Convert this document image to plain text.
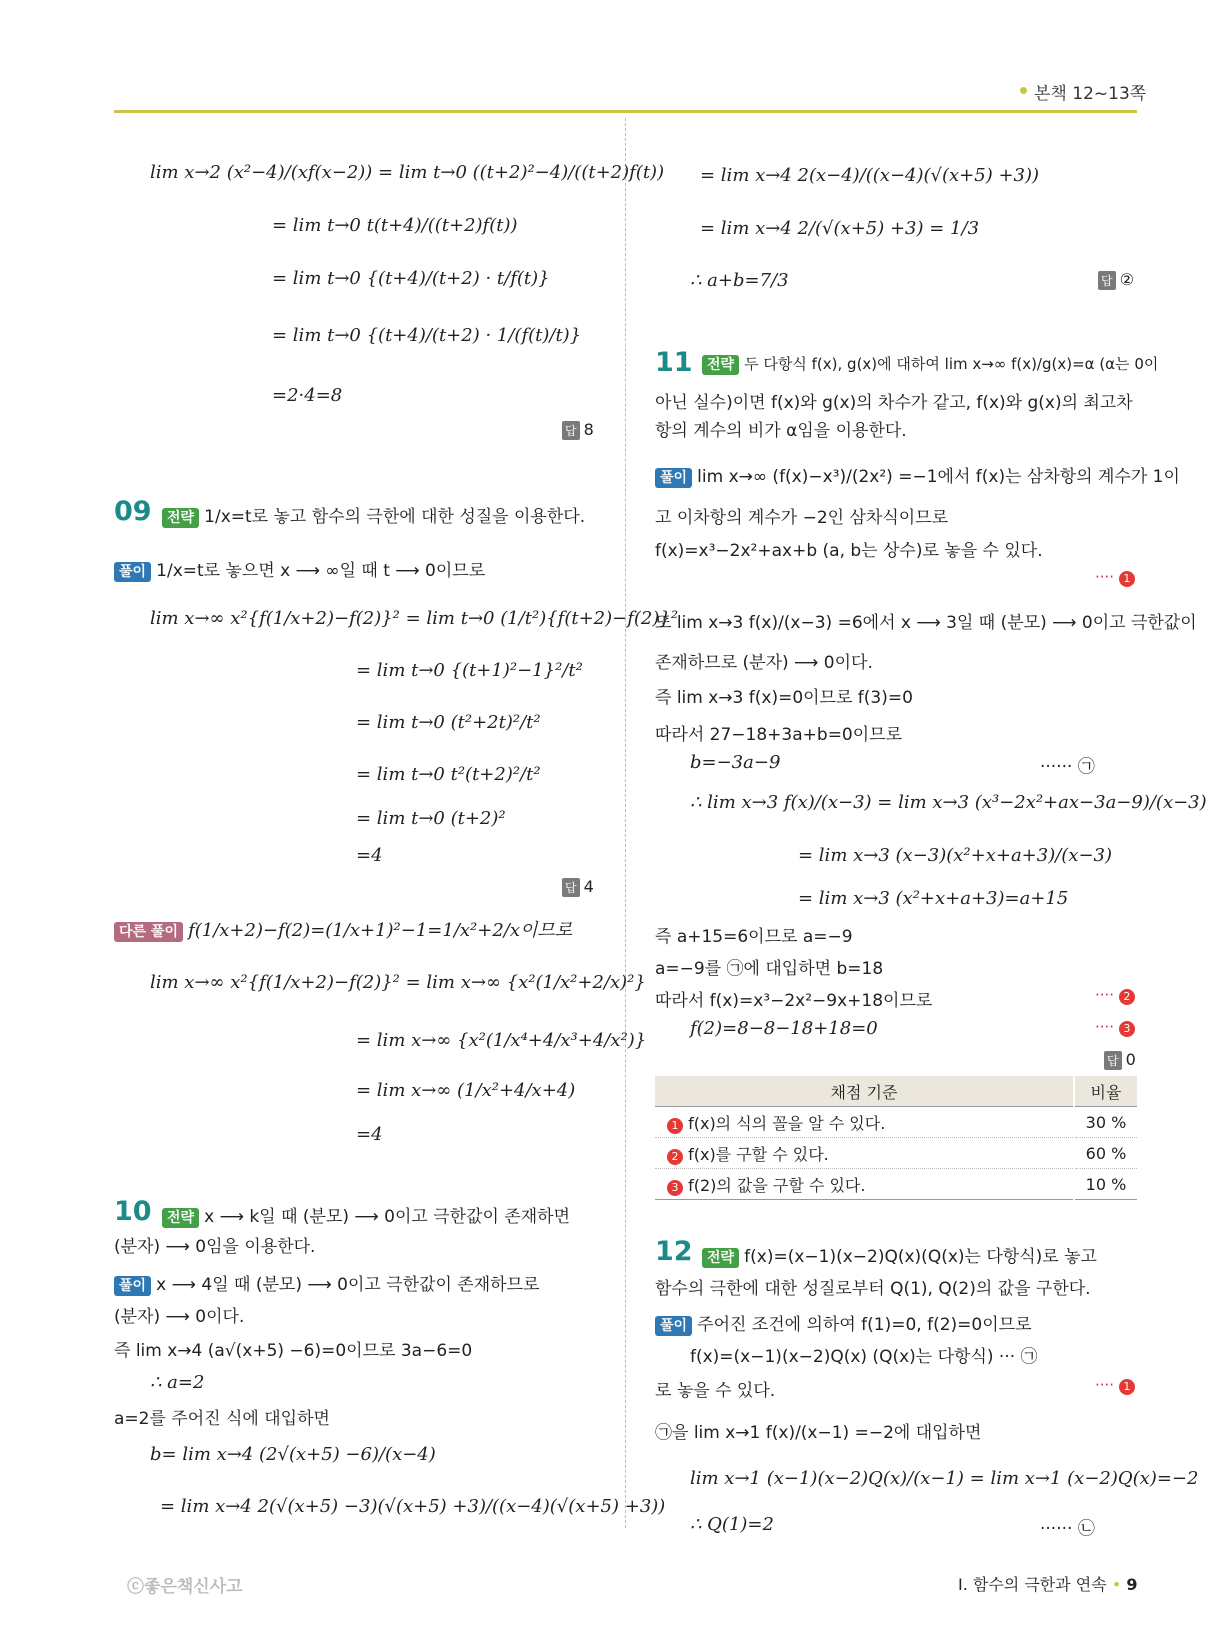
본책 12~13쪽
lim x→2 (x²−4)/(xf(x−2)) = lim t→0 ((t+2)²−4)/((t+2)f(t))
= lim t→0 t(t+4)/((t+2)f(t))
= lim t→0 {(t+4)/(t+2) · t/f(t)}
= lim t→0 {(t+4)/(t+2) · 1/(f(t)/t)}
=2·4=8
답 8
09	전략 1/x=t로 놓고 함수의 극한에 대한 성질을 이용한다.
풀이 1/x=t로 놓으면 x ⟶ ∞일 때 t ⟶ 0이므로
lim x→∞ x²{f(1/x+2)−f(2)}² = lim t→0 (1/t²){f(t+2)−f(2)}²
= lim t→0 {(t+1)²−1}²/t²
= lim t→0 (t²+2t)²/t²
= lim t→0 t²(t+2)²/t²
= lim t→0 (t+2)²
=4
답 4
다른 풀이 f(1/x+2)−f(2)=(1/x+1)²−1=1/x²+2/x이므로
lim x→∞ x²{f(1/x+2)−f(2)}² = lim x→∞ {x²(1/x²+2/x)²}
= lim x→∞ {x²(1/x⁴+4/x³+4/x²)}
= lim x→∞ (1/x²+4/x+4)
=4
10	전략 x ⟶ k일 때 (분모) ⟶ 0이고 극한값이 존재하면
(분자) ⟶ 0임을 이용한다.
풀이 x ⟶ 4일 때 (분모) ⟶ 0이고 극한값이 존재하므로
(분자) ⟶ 0이다.
즉 lim x→4 (a√(x+5) −6)=0이므로 3a−6=0
∴ a=2
a=2를 주어진 식에 대입하면
b= lim x→4 (2√(x+5) −6)/(x−4)
= lim x→4 2(√(x+5) −3)(√(x+5) +3)/((x−4)(√(x+5) +3))
= lim x→4 2(x−4)/((x−4)(√(x+5) +3))
= lim x→4 2/(√(x+5) +3) = 1/3
∴ a+b=7/3	답 ②
11	전략 두 다항식 f(x), g(x)에 대하여 lim x→∞ f(x)/g(x)=α (α는 0이
아닌 실수)이면 f(x)와 g(x)의 차수가 같고, f(x)와 g(x)의 최고차
항의 계수의 비가 α임을 이용한다.
풀이 lim x→∞ (f(x)−x³)/(2x²) =−1에서 f(x)는 삼차항의 계수가 1이
고 이차항의 계수가 −2인 삼차식이므로
f(x)=x³−2x²+ax+b (a, b는 상수)로 놓을 수 있다.
···· 1
또 lim x→3 f(x)/(x−3) =6에서 x ⟶ 3일 때 (분모) ⟶ 0이고 극한값이
존재하므로 (분자) ⟶ 0이다.
즉 lim x→3 f(x)=0이므로 f(3)=0
따라서 27−18+3a+b=0이므로
b=−3a−9	······ ㉠
∴ lim x→3 f(x)/(x−3) = lim x→3 (x³−2x²+ax−3a−9)/(x−3)
= lim x→3 (x−3)(x²+x+a+3)/(x−3)
= lim x→3 (x²+x+a+3)=a+15
즉 a+15=6이므로 a=−9
a=−9를 ㉠에 대입하면 b=18
따라서 f(x)=x³−2x²−9x+18이므로	···· 2
f(2)=8−8−18+18=0	···· 3
답 0
채점 기준	비율
1 f(x)의 식의 꼴을 알 수 있다.	30 %
2 f(x)를 구할 수 있다.	60 %
3 f(2)의 값을 구할 수 있다.	10 %
12	전략 f(x)=(x−1)(x−2)Q(x)(Q(x)는 다항식)로 놓고
함수의 극한에 대한 성질로부터 Q(1), Q(2)의 값을 구한다.
풀이 주어진 조건에 의하여 f(1)=0, f(2)=0이므로
f(x)=(x−1)(x−2)Q(x) (Q(x)는 다항식) ··· ㉠
로 놓을 수 있다.	···· 1
㉠을 lim x→1 f(x)/(x−1) =−2에 대입하면
lim x→1 (x−1)(x−2)Q(x)/(x−1) = lim x→1 (x−2)Q(x)=−2
∴ Q(1)=2	······ ㉡
ⓒ좋은책신사고	I. 함수의 극한과 연속 • 9
